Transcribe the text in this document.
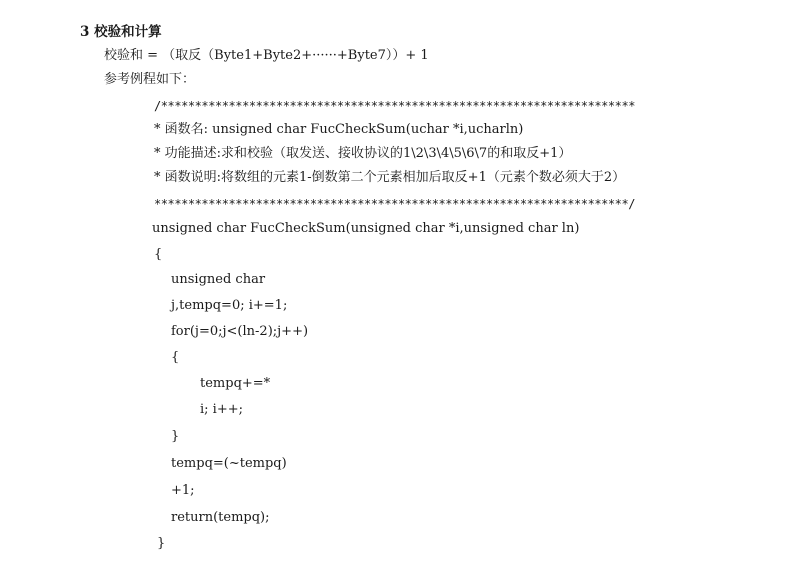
3 校验和计算
校验和 = （取反（Byte1+Byte2+······+Byte7））+ 1
参考例程如下：
/**********************************************************************
* 函数名: unsigned char FucCheckSum(uchar *i,ucharln)
* 功能描述:求和校验（取发送、接收协议的1\2\3\4\5\6\7的和取反+1）
* 函数说明:将数组的元素1-倒数第二个元素相加后取反+1（元素个数必须大于2）
**********************************************************************/
unsigned char FucCheckSum(unsigned char *i,unsigned char ln)
{
unsigned char
j,tempq=0; i+=1;
for(j=0;j<(ln-2);j++)
{
tempq+=*
i; i++;
}
tempq=(~tempq)
+1;
return(tempq);
}
